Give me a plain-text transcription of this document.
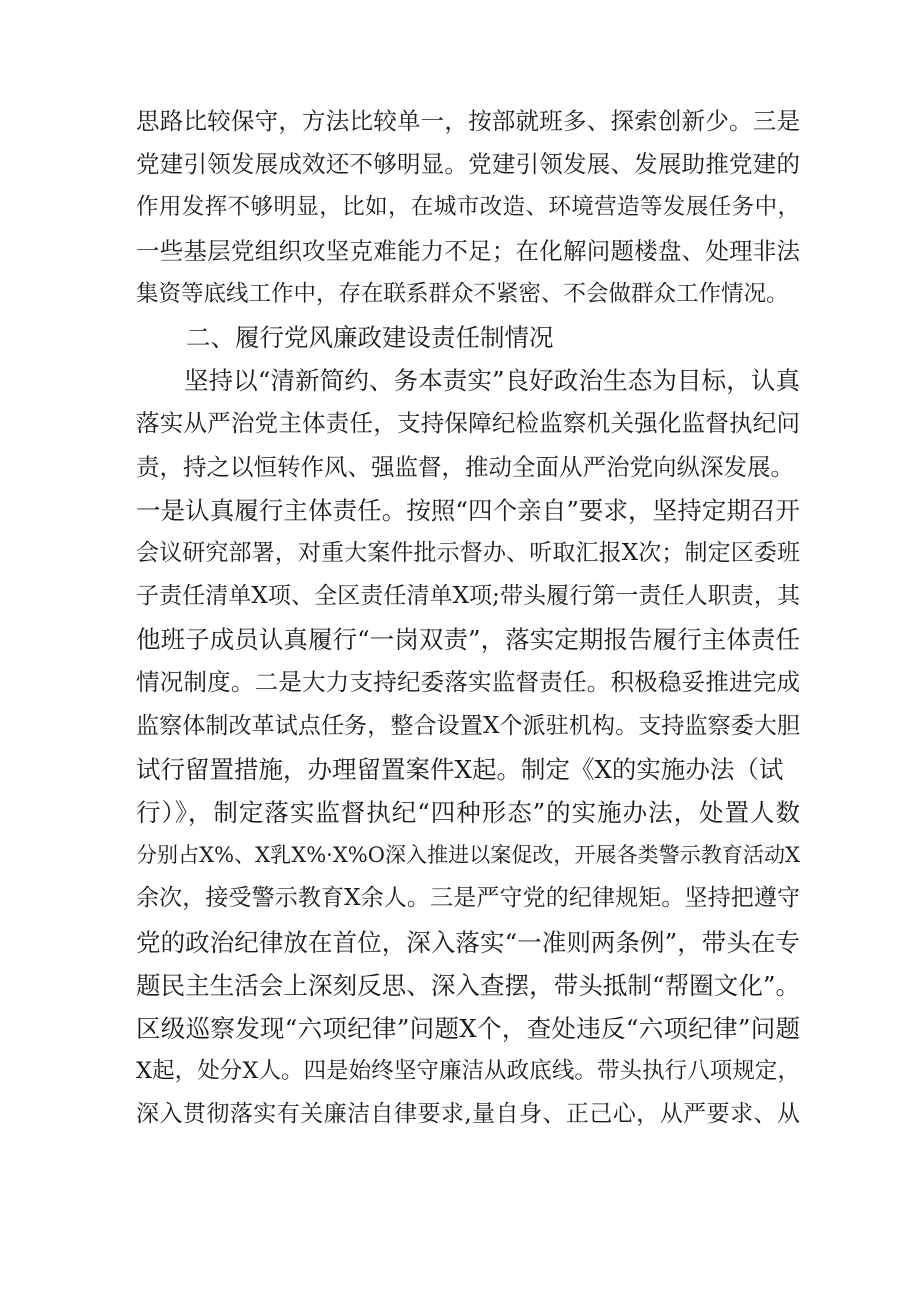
思路比较保守，方法比较单一，按部就班多、探索创新少。三是
党建引领发展成效还不够明显。党建引领发展、发展助推党建的
作用发挥不够明显，比如，在城市改造、环境营造等发展任务中，
一些基层党组织攻坚克难能力不足；在化解问题楼盘、处理非法
集资等底线工作中，存在联系群众不紧密、不会做群众工作情况。
二、履行党风廉政建设责任制情况
坚持以“清新简约、务本责实”良好政治生态为目标，认真
落实从严治党主体责任，支持保障纪检监察机关强化监督执纪问
责，持之以恒转作风、强监督，推动全面从严治党向纵深发展。
一是认真履行主体责任。按照“四个亲自”要求，坚持定期召开
会议研究部署，对重大案件批示督办、听取汇报X次；制定区委班
子责任清单X项、全区责任清单X项;带头履行第一责任人职责，其
他班子成员认真履行“一岗双责”，落实定期报告履行主体责任
情况制度。二是大力支持纪委落实监督责任。积极稳妥推进完成
监察体制改革试点任务，整合设置X个派驻机构。支持监察委大胆
试行留置措施，办理留置案件X起。制定《X的实施办法（试
行）》，制定落实监督执纪“四种形态”的实施办法，处置人数
分别占X%、X乳X%·X%O深入推进以案促改，开展各类警示教育活动X
余次，接受警示教育X余人。三是严守党的纪律规矩。坚持把遵守
党的政治纪律放在首位，深入落实“一准则两条例”，带头在专
题民主生活会上深刻反思、深入查摆，带头抵制“帮圈文化”。
区级巡察发现“六项纪律”问题X个，查处违反“六项纪律”问题
X起，处分X人。四是始终坚守廉洁从政底线。带头执行八项规定，
深入贯彻落实有关廉洁自律要求,量自身、正己心，从严要求、从
